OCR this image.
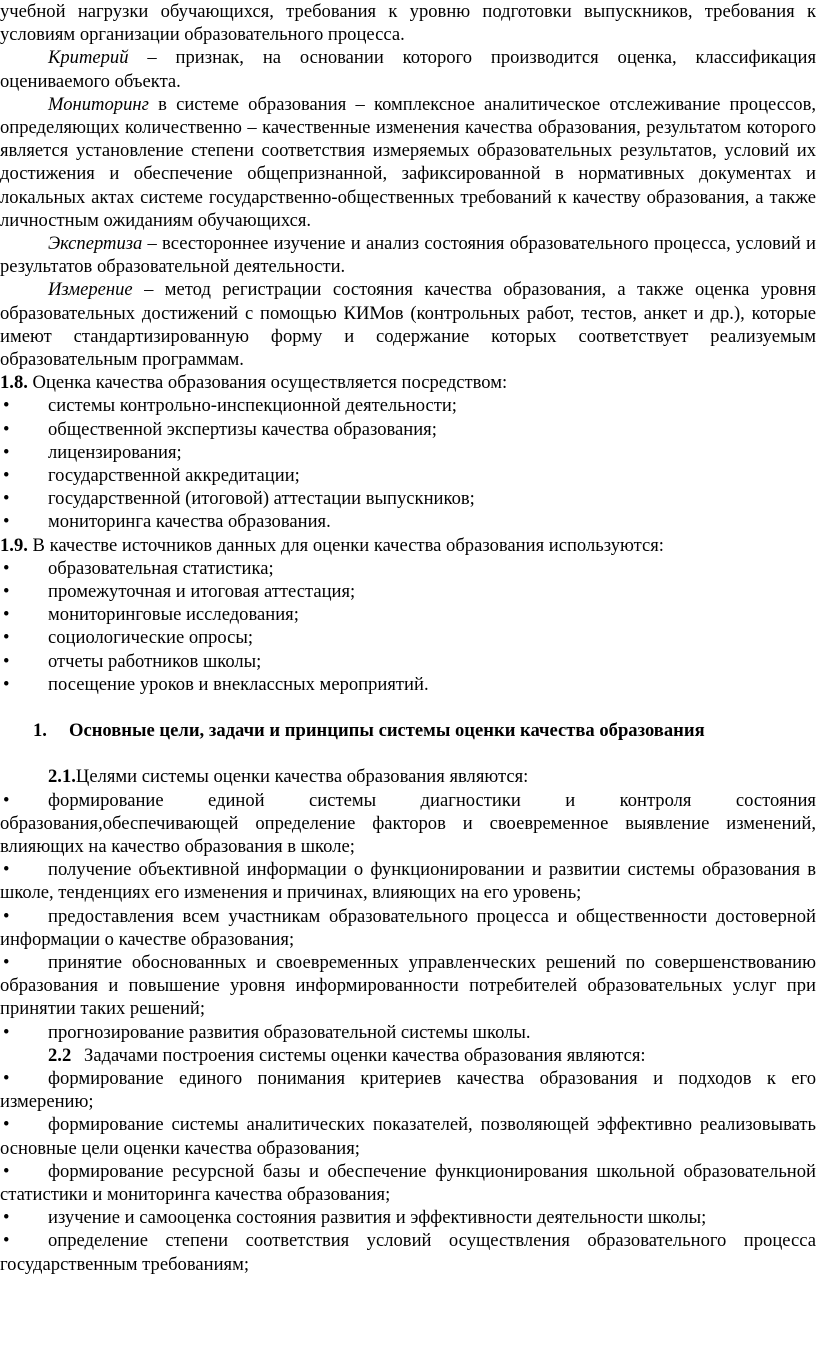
учебной нагрузки обучающихся, требования к уровню подготовки выпускников, требования к условиям организации образовательного процесса.

Критерий – признак, на основании которого производится оценка, классификация оцениваемого объекта.

Мониторинг в системе образования – комплексное аналитическое отслеживание процессов, определяющих количественно – качественные изменения качества образования, результатом которого является установление степени соответствия измеряемых образовательных результатов, условий их достижения и обеспечение общепризнанной, зафиксированной в нормативных документах и локальных актах системе государственно-общественных требований к качеству образования, а также личностным ожиданиям обучающихся.

Экспертиза – всестороннее изучение и анализ состояния образовательного процесса, условий и результатов образовательной деятельности.

Измерение – метод регистрации состояния качества образования, а также оценка уровня образовательных достижений с помощью КИМов (контрольных работ, тестов, анкет и др.), которые имеют стандартизированную форму и содержание которых соответствует реализуемым образовательным программам.

1.8. Оценка качества образования осуществляется посредством:

• системы контрольно-инспекционной деятельности;
• общественной экспертизы качества образования;
• лицензирования;
• государственной аккредитации;
• государственной (итоговой) аттестации выпускников;
• мониторинга качества образования.

1.9. В качестве источников данных для оценки качества образования используются:

• образовательная статистика;
• промежуточная и итоговая аттестация;
• мониторинговые исследования;
• социологические опросы;
• отчеты работников школы;
• посещение уроков и внеклассных мероприятий.

1. Основные цели, задачи и принципы системы оценки качества образования

2.1.Целями системы оценки качества образования являются:

• формирование единой системы диагностики и контроля состояния образования,обеспечивающей определение факторов и своевременное выявление изменений, влияющих на качество образования в школе;
• получение объективной информации о функционировании и развитии системы образования в школе, тенденциях его изменения и причинах, влияющих на его уровень;
• предоставления всем участникам образовательного процесса и общественности достоверной информации о качестве образования;
• принятие обоснованных и своевременных управленческих решений по совершенствованию образования и повышение уровня информированности потребителей образовательных услуг при принятии таких решений;
• прогнозирование развития образовательной системы школы.

2.2 Задачами построения системы оценки качества образования являются:

• формирование единого понимания критериев качества образования и подходов к его измерению;
• формирование системы аналитических показателей, позволяющей эффективно реализовывать основные цели оценки качества образования;
• формирование ресурсной базы и обеспечение функционирования школьной образовательной статистики и мониторинга качества образования;
• изучение и самооценка состояния развития и эффективности деятельности школы;
• определение степени соответствия условий осуществления образовательного процесса государственным требованиям;
